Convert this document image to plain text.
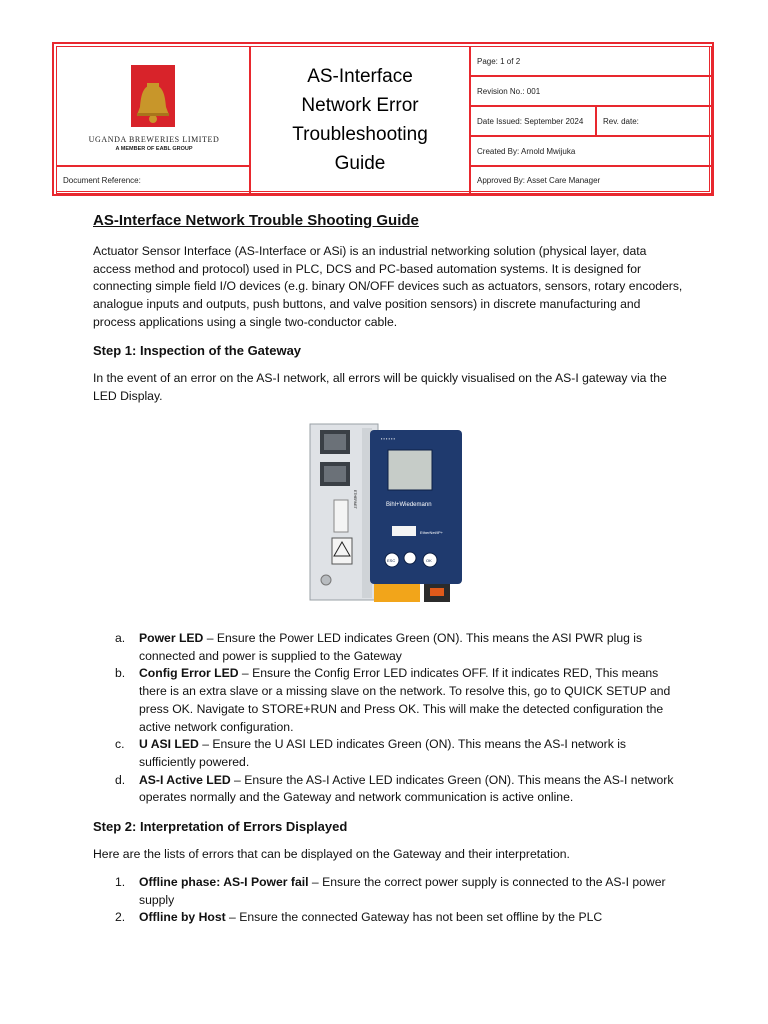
UGANDA BREWERIES LIMITED
A MEMBER OF EABL GROUP
AS-Interface
Network Error
Troubleshooting
Guide
Document Reference:
Page: 1 of 2
Revision No.: 001
Date Issued: September 2024	Rev. date:
Created By: Arnold Mwijuka
Approved By: Asset Care Manager
AS-Interface Network Trouble Shooting Guide
Actuator Sensor Interface (AS-Interface or ASi) is an industrial networking solution (physical layer, data access method and protocol) used in PLC, DCS and PC-based automation systems. It is designed for connecting simple field I/O devices (e.g. binary ON/OFF devices such as actuators, sensors, rotary encoders, analogue inputs and outputs, push buttons, and valve position sensors) in discrete manufacturing and process applications using a single two-conductor cable.
Step 1: Inspection of the Gateway
In the event of an error on the AS-I network, all errors will be quickly visualised on the AS-I gateway via the LED Display.
▪ ▪ ▪ ▪ ▪ ▪
Bihl+Wiedemann
ESC	OK
EtherNet/IP+
ETHERNET
a. Power LED – Ensure the Power LED indicates Green (ON). This means the ASI PWR plug is connected and power is supplied to the Gateway
b. Config Error LED – Ensure the Config Error LED indicates OFF. If it indicates RED, This means there is an extra slave or a missing slave on the network. To resolve this, go to QUICK SETUP and press OK. Navigate to STORE+RUN and Press OK. This will make the detected configuration the active network configuration.
c. U ASI LED – Ensure the U ASI LED indicates Green (ON). This means the AS-I network is sufficiently powered.
d. AS-I Active LED – Ensure the AS-I Active LED indicates Green (ON). This means the AS-I network operates normally and the Gateway and network communication is active online.
Step 2: Interpretation of Errors Displayed
Here are the lists of errors that can be displayed on the Gateway and their interpretation.
1. Offline phase: AS-I Power fail – Ensure the correct power supply is connected to the AS-I power supply
2. Offline by Host – Ensure the connected Gateway has not been set offline by the PLC
